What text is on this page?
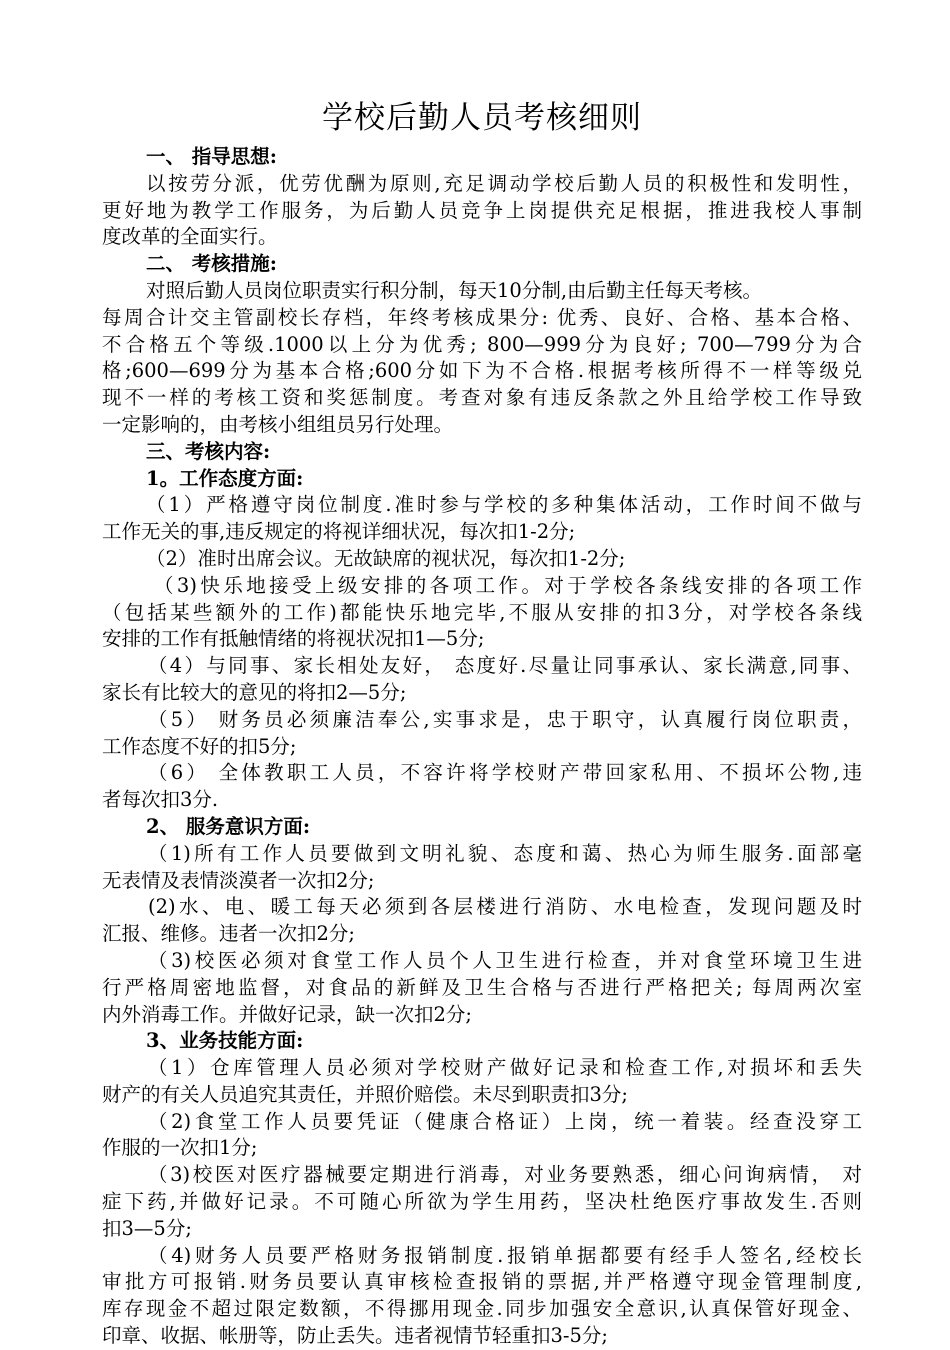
学校后勤人员考核细则
一、 指导思想:
以按劳分派，优劳优酬为原则,充足调动学校后勤人员的积极性和发明性，
更好地为教学工作服务，为后勤人员竞争上岗提供充足根据，推进我校人事制
度改革的全面实行。
二、 考核措施:
对照后勤人员岗位职责实行积分制，每天10分制,由后勤主任每天考核。
每周合计交主管副校长存档，年终考核成果分: 优秀、良好、合格、基本合格、
不合格五个等级.1000以上分为优秀; 800—999分为良好; 700—799分为合
格;600—699分为基本合格;600分如下为不合格.根据考核所得不一样等级兑
现不一样的考核工资和奖惩制度。考查对象有违反条款之外且给学校工作导致
一定影响的，由考核小组组员另行处理。
三、考核内容:
1。工作态度方面:
（1）严格遵守岗位制度.准时参与学校的多种集体活动，工作时间不做与
工作无关的事,违反规定的将视详细状况，每次扣1-2分;
（2）准时出席会议。无故缺席的视状况，每次扣1-2分;
（3)快乐地接受上级安排的各项工作。对于学校各条线安排的各项工作
（包括某些额外的工作)都能快乐地完毕,不服从安排的扣3分，对学校各条线
安排的工作有抵触情绪的将视状况扣1—5分;
（4）与同事、家长相处友好， 态度好.尽量让同事承认、家长满意,同事、
家长有比较大的意见的将扣2—5分;
（5） 财务员必须廉洁奉公,实事求是，忠于职守，认真履行岗位职责，
工作态度不好的扣5分;
（6） 全体教职工人员，不容许将学校财产带回家私用、不损坏公物,违
者每次扣3分.
2、 服务意识方面:
（1)所有工作人员要做到文明礼貌、态度和蔼、热心为师生服务.面部毫
无表情及表情淡漠者一次扣2分;
(2)水、电、暖工每天必须到各层楼进行消防、水电检查，发现问题及时
汇报、维修。违者一次扣2分;
（3)校医必须对食堂工作人员个人卫生进行检查，并对食堂环境卫生进
行严格周密地监督，对食品的新鲜及卫生合格与否进行严格把关; 每周两次室
内外消毒工作。并做好记录，缺一次扣2分;
3、业务技能方面:
（1）仓库管理人员必须对学校财产做好记录和检查工作,对损坏和丢失
财产的有关人员追究其责任，并照价赔偿。未尽到职责扣3分;
（2)食堂工作人员要凭证（健康合格证）上岗，统一着装。经查没穿工
作服的一次扣1分;
（3)校医对医疗器械要定期进行消毒，对业务要熟悉，细心问询病情， 对
症下药,并做好记录。不可随心所欲为学生用药，坚决杜绝医疗事故发生.否则
扣3—5分;
（4)财务人员要严格财务报销制度.报销单据都要有经手人签名,经校长
审批方可报销.财务员要认真审核检查报销的票据,并严格遵守现金管理制度,
库存现金不超过限定数额，不得挪用现金.同步加强安全意识,认真保管好现金、
印章、收据、帐册等，防止丢失。违者视情节轻重扣3-5分;
